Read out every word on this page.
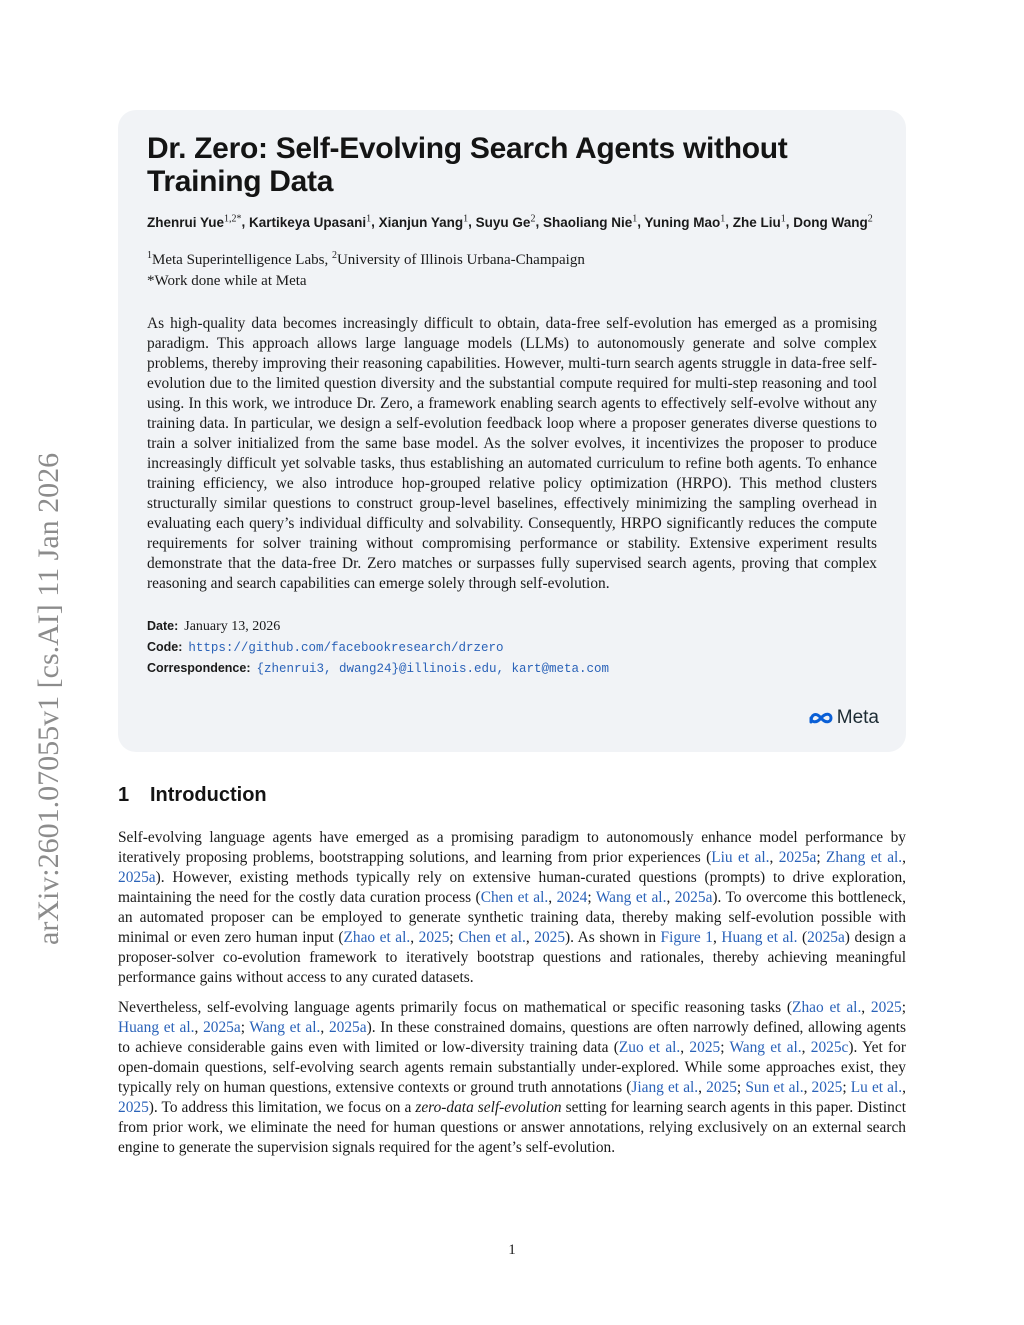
arXiv:2601.07055v1 [cs.AI] 11 Jan 2026
Dr. Zero: Self-Evolving Search Agents without Training Data
Zhenrui Yue$^{1,2*}$, Kartikeya Upasani$^1$, Xianjun Yang$^1$, Suyu Ge$^2$, Shaoliang Nie$^1$, Yuning Mao$^1$, Zhe Liu$^1$, Dong Wang$^2$
$^1$Meta Superintelligence Labs, $^2$University of Illinois Urbana-Champaign
*Work done while at Meta
As high-quality data becomes increasingly difficult to obtain, data-free self-evolution has emerged as a promising paradigm. This approach allows large language models (LLMs) to autonomously generate and solve complex problems, thereby improving their reasoning capabilities. However, multi-turn search agents struggle in data-free self-evolution due to the limited question diversity and the substantial compute required for multi-step reasoning and tool using. In this work, we introduce Dr. Zero, a framework enabling search agents to effectively self-evolve without any training data. In particular, we design a self-evolution feedback loop where a proposer generates diverse questions to train a solver initialized from the same base model. As the solver evolves, it incentivizes the proposer to produce increasingly difficult yet solvable tasks, thus establishing an automated curriculum to refine both agents. To enhance training efficiency, we also introduce hop-grouped relative policy optimization (HRPO). This method clusters structurally similar questions to construct group-level baselines, effectively minimizing the sampling overhead in evaluating each query’s individual difficulty and solvability. Consequently, HRPO significantly reduces the compute requirements for solver training without compromising performance or stability. Extensive experiment results demonstrate that the data-free Dr. Zero matches or surpasses fully supervised search agents, proving that complex reasoning and search capabilities can emerge solely through self-evolution.
Date: January 13, 2026
Code: https://github.com/facebookresearch/drzero
Correspondence: {zhenrui3, dwang24}@illinois.edu, kart@meta.com
Meta
1 Introduction

Self-evolving language agents have emerged as a promising paradigm to autonomously enhance model performance by iteratively proposing problems, bootstrapping solutions, and learning from prior experiences (Liu et al., 2025a; Zhang et al., 2025a). However, existing methods typically rely on extensive human-curated questions (prompts) to drive exploration, maintaining the need for the costly data curation process (Chen et al., 2024; Wang et al., 2025a). To overcome this bottleneck, an automated proposer can be employed to generate synthetic training data, thereby making self-evolution possible with minimal or even zero human input (Zhao et al., 2025; Chen et al., 2025). As shown in Figure 1, Huang et al. (2025a) design a proposer-solver co-evolution framework to iteratively bootstrap questions and rationales, thereby achieving meaningful performance gains without access to any curated datasets.

Nevertheless, self-evolving language agents primarily focus on mathematical or specific reasoning tasks (Zhao et al., 2025; Huang et al., 2025a; Wang et al., 2025a). In these constrained domains, questions are often narrowly defined, allowing agents to achieve considerable gains even with limited or low-diversity training data (Zuo et al., 2025; Wang et al., 2025c). Yet for open-domain questions, self-evolving search agents remain substantially under-explored. While some approaches exist, they typically rely on human questions, extensive contexts or ground truth annotations (Jiang et al., 2025; Sun et al., 2025; Lu et al., 2025). To address this limitation, we focus on a zero-data self-evolution setting for learning search agents in this paper. Distinct from prior work, we eliminate the need for human questions or answer annotations, relying exclusively on an external search engine to generate the supervision signals required for the agent’s self-evolution.

1
